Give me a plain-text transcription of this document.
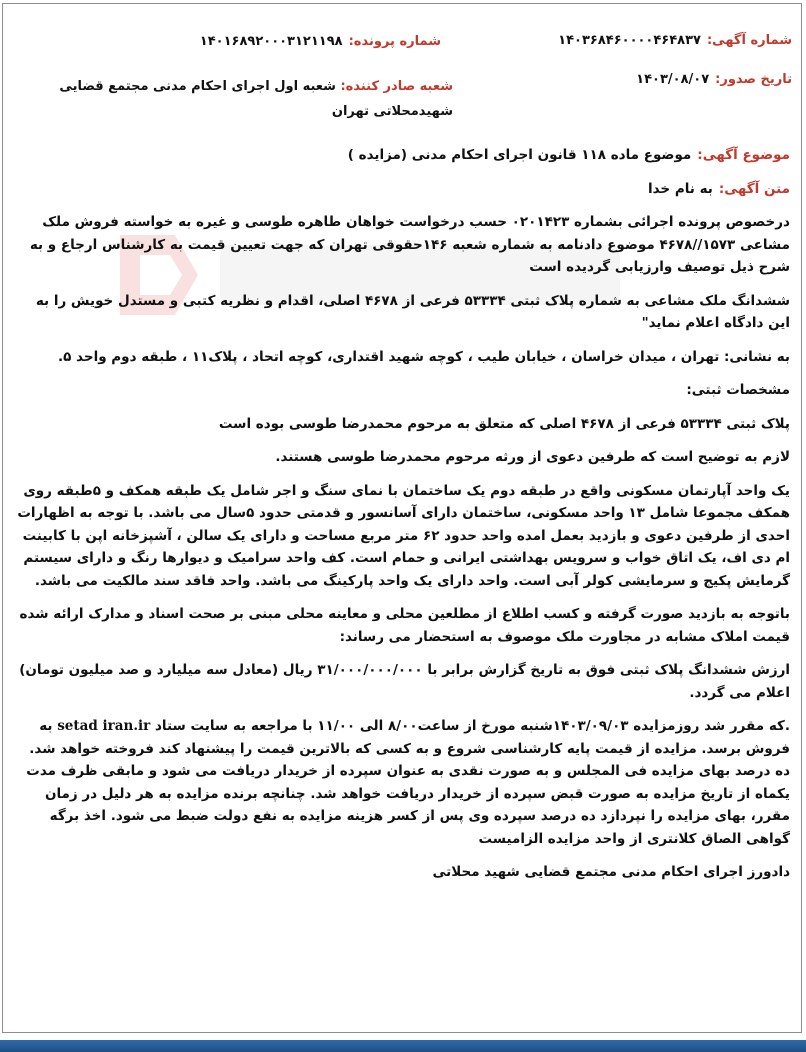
شماره آگهی:۱۴۰۳۶۸۴۶۰۰۰۰۴۶۴۸۳۷
شماره پرونده:۱۴۰۱۶۸۹۲۰۰۰۳۱۲۱۱۹۸
تاریخ صدور:۱۴۰۳/۰۸/۰۷
شعبه صادر کننده: شعبه اول اجرای احکام مدنی مجتمع قضایی شهیدمحلاتی تهران

موضوع آگهی:موضوع ماده ۱۱۸ قانون اجرای احکام مدنی (مزایده )

متن آگهی:به نام خدا

درخصوص پرونده اجرائی بشماره ۰۲۰۱۴۲۳ حسب درخواست خواهان طاهره طوسی و غیره به خواسته فروش ملک مشاعی ۱۵۷۳//۴۶۷۸ موضوع دادنامه به شماره شعبه ۱۴۶حقوقی تهران که جهت تعیین قیمت به کارشناس ارجاع و به شرح ذیل توصیف وارزیابی گردیده است

ششدانگ ملک مشاعی به شماره پلاک ثبتی ۵۳۳۳۴ فرعی از ۴۶۷۸ اصلی، اقدام و نظریه کتبی و مستدل خویش را به این دادگاه اعلام نماید"

به نشانی: تهران ، میدان خراسان ، خیابان طیب ، کوچه شهید اقتداری، کوچه اتحاد ، پلاک۱۱ ، طبقه دوم واحد ۵.

مشخصات ثبتی:

پلاک ثبتی ۵۳۳۳۴ فرعی از ۴۶۷۸ اصلی که متعلق به مرحوم محمدرضا طوسی بوده است

لازم به توضیح است که طرفین دعوی از ورثه مرحوم محمدرضا طوسی هستند.

یک واحد آپارتمان مسکونی واقع در طبقه دوم یک ساختمان با نمای سنگ و اجر شامل یک طبقه همکف و ۵طبقه روی همکف مجموعا شامل ۱۳ واحد مسکونی، ساختمان دارای آسانسور و قدمتی حدود ۵سال می باشد. با توجه به اظهارات احدی از طرفین دعوی و بازدید بعمل امده واحد حدود ۶۲ متر مربع مساحت و دارای یک سالن ، آشپزخانه اپن با کابینت ام دی اف، یک اتاق خواب و سرویس بهداشتی ایرانی و حمام است. کف واحد سرامیک و دیوارها رنگ و دارای سیستم گرمایش پکیج و سرمایشی کولر آبی است. واحد دارای یک واحد پارکینگ می باشد. واحد فاقد سند مالکیت می باشد.

باتوجه به بازدید صورت گرفته و کسب اطلاع از مطلعین محلی و معاینه محلی مبنی بر صحت اسناد و مدارک ارائه شده قیمت املاک مشابه در مجاورت ملک موصوف به استحضار می رساند:

ارزش ششدانگ پلاک ثبتی فوق به تاریخ گزارش برابر با ۳۱/۰۰۰/۰۰۰/۰۰۰ ریال (معادل سه میلیارد و صد میلیون تومان) اعلام می گردد.

.که مقرر شد روزمزایده ۱۴۰۳/۰۹/۰۳شنبه مورخ از ساعت۸/۰۰ الی ۱۱/۰۰ با مراجعه به سایت ستاد setad iran.ir به فروش برسد. مزایده از قیمت پایه کارشناسی شروع و به کسی که بالاترین قیمت را پیشنهاد کند فروخته خواهد شد. ده درصد بهای مزایده فی المجلس و به صورت نقدی به عنوان سپرده از خریدار دریافت می شود و مابقی ظرف مدت یکماه از تاریخ مزایده به صورت قبض سپرده از خریدار دریافت خواهد شد. چنانچه برنده مزایده به هر دلیل در زمان مقرر، بهای مزایده را نپردازد ده درصد سپرده وی پس از کسر هزینه مزایده به نفع دولت ضبط می شود. اخذ برگه گواهی الصاق کلانتری از واحد مزایده الزامیست

دادورز اجرای احکام مدنی مجتمع قضایی شهید محلاتی
